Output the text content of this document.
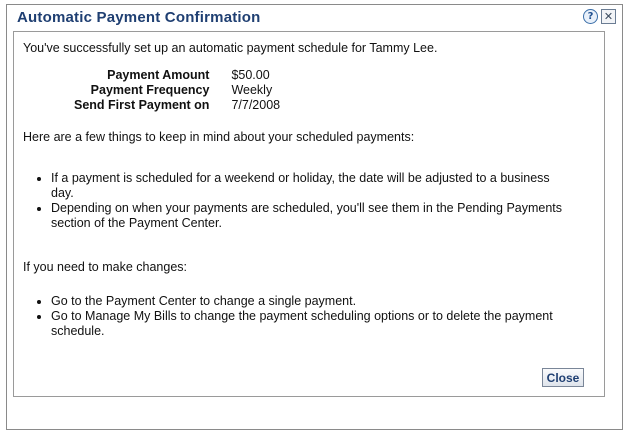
Automatic Payment Confirmation	? ✕
You've successfully set up an automatic payment schedule for Tammy Lee.
Payment Amount	$50.00
Payment Frequency	Weekly
Send First Payment on	7/7/2008
Here are a few things to keep in mind about your scheduled payments:
• If a payment is scheduled for a weekend or holiday, the date will be adjusted to a business day.
• Depending on when your payments are scheduled, you'll see them in the Pending Payments section of the Payment Center.
If you need to make changes:
• Go to the Payment Center to change a single payment.
• Go to Manage My Bills to change the payment scheduling options or to delete the payment schedule.
Close
